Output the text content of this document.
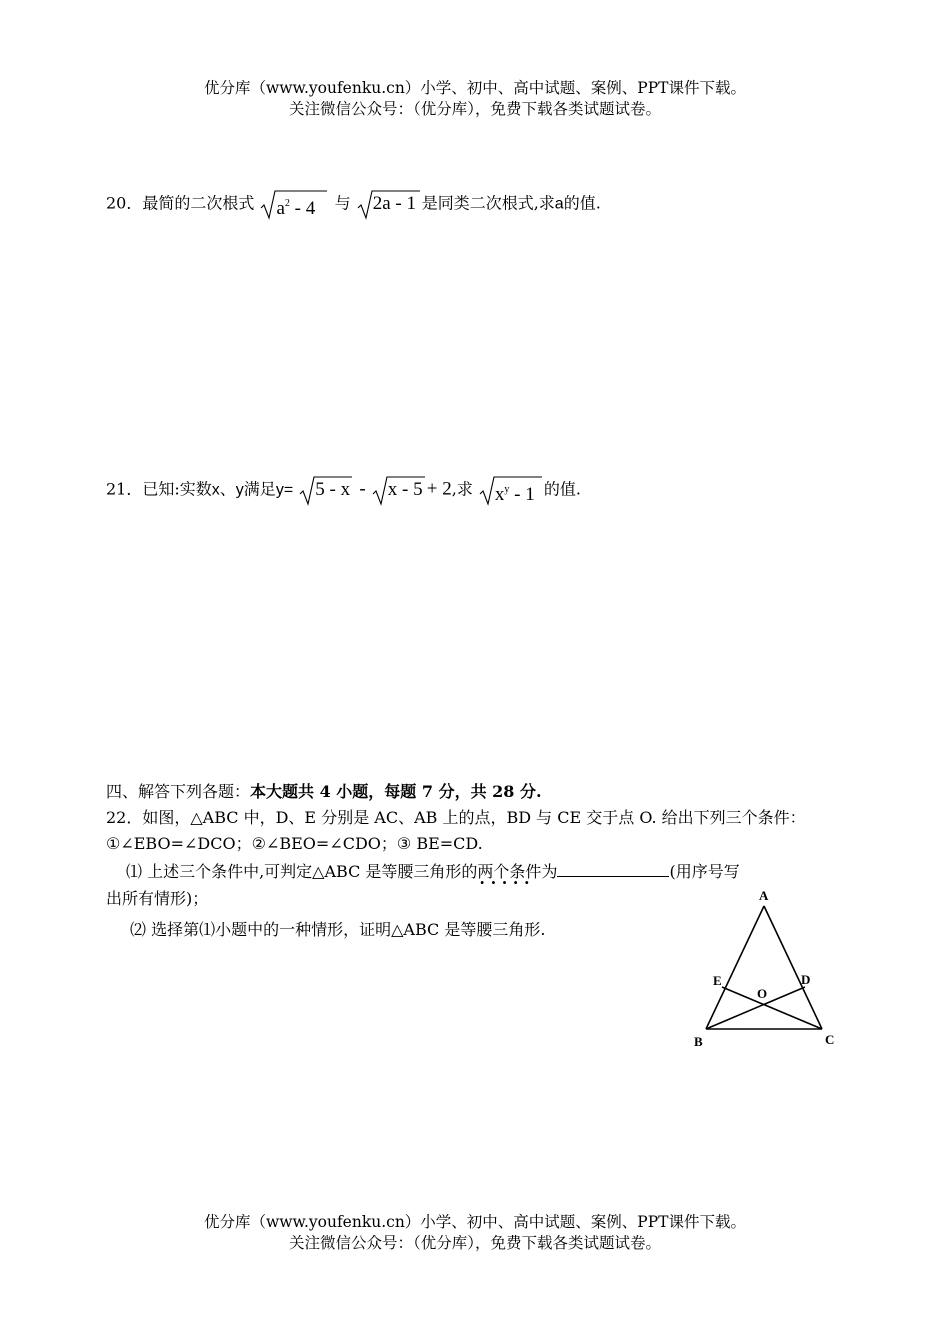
优分库（www.youfenku.cn）小学、初中、高中试题、案例、PPT课件下载。
关注微信公众号：（优分库），免费下载各类试题试卷。
20．最简的二次根式 $a^2 - 4$ 与 2a - 1 是同类二次根式,求a的值.
21．已知:实数x、y满足y= 5 - x - x - 5 + 2,求 $x^y - 1$ 的值.
四、解答下列各题：本大题共 4 小题，每题 7 分，共 28 分.
22．如图，△ABC 中，D、E 分别是 AC、AB 上的点，BD 与 CE 交于点 O. 给出下列三个条件：
①∠EBO=∠DCO；②∠BEO=∠CDO；③ BE=CD.
⑴ 上述三个条件中,可判定△ABC 是等腰三角形的两个条件 · · 为	(用序号写
出所有情形)；
⑵ 选择第⑴小题中的一种情形，证明△ABC 是等腰三角形.
A
B	C
D
E
O
优分库（www.youfenku.cn）小学、初中、高中试题、案例、PPT课件下载。
关注微信公众号：（优分库），免费下载各类试题试卷。
